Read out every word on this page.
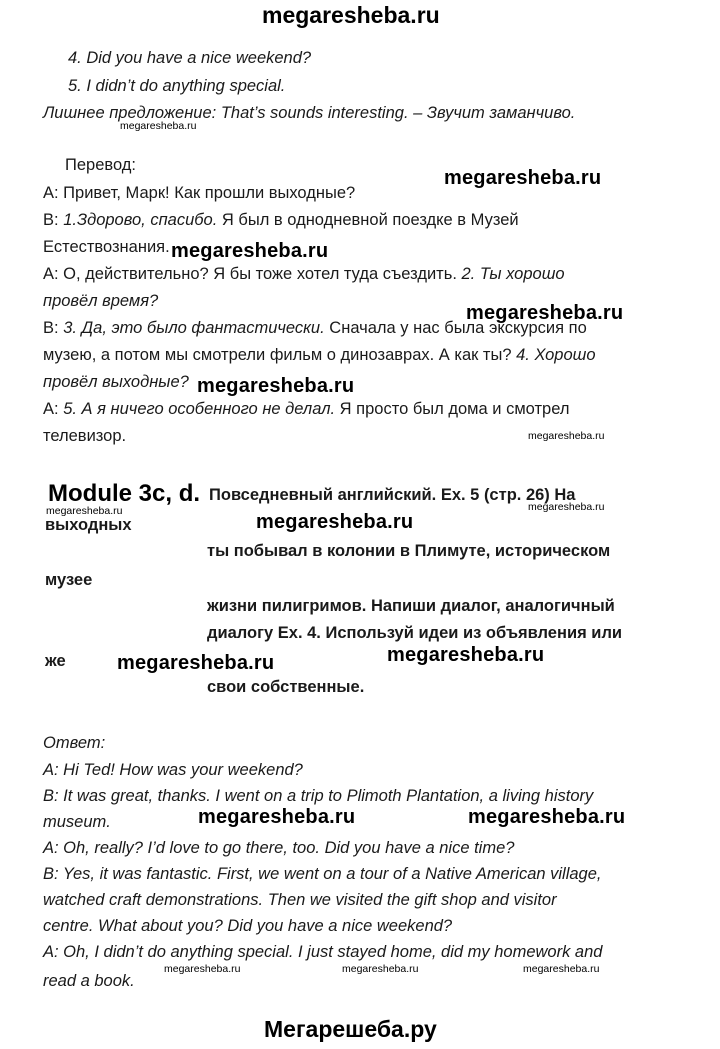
megaresheba.ru
4. Did you have a nice weekend?
5. I didn’t do anything special.
Лишнее предложение: That’s sounds interesting. – Звучит заманчиво.
megaresheba.ru
Перевод:
A: Привет, Марк! Как прошли выходные?
B: 1.Здорово, спасибо. Я был в однодневной поездке в Музей
Естествознания.
A: О, действительно? Я бы тоже хотел туда съездить. 2. Ты хорошо
провёл время?
B: 3. Да, это было фантастически. Сначала у нас была экскурсия по
музею, а потом мы смотрели фильм о динозаврах. А как ты? 4. Хорошо
провёл выходные?
A: 5. А я ничего особенного не делал. Я просто был дома и смотрел
телевизор.
megaresheba.ru
megaresheba.ru
megaresheba.ru
megaresheba.ru
megaresheba.ru
Module 3c, d. Повседневный английский. Ex. 5 (стр. 26) На
megaresheba.ru	megaresheba.ru
выходных	megaresheba.ru
ты побывал в колонии в Плимуте, историческом
музее
жизни пилигримов. Напиши диалог, аналогичный
диалогу Ex. 4. Используй идеи из объявления или
же	megaresheba.ru	megaresheba.ru
свои собственные.
Ответ:
A: Hi Ted! How was your weekend?
B: It was great, thanks. I went on a trip to Plimoth Plantation, a living history
museum.
A: Oh, really? I’d love to go there, too. Did you have a nice time?
B: Yes, it was fantastic. First, we went on a tour of a Native American village,
watched craft demonstrations. Then we visited the gift shop and visitor
centre. What about you? Did you have a nice weekend?
A: Oh, I didn’t do anything special. I just stayed home, did my homework and
read a book.
megaresheba.ru	megaresheba.ru
megaresheba.ru	megaresheba.ru	megaresheba.ru
Мегарешеба.ру
